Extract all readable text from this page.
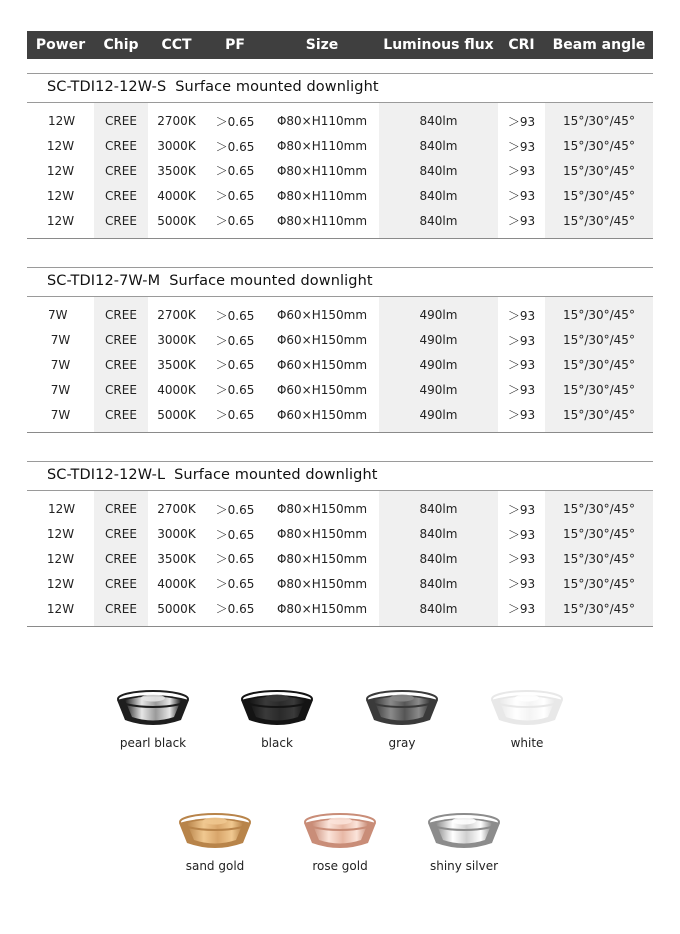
Power	Chip	CCT	PF	Size	Luminous flux	CRI	Beam angle
SC-TDI12-12W-S Surface mounted downlight
12W	CREE	2700K	＞0.65	Φ80×H110mm	840lm	＞93	15°/30°/45°
12W	CREE	3000K	＞0.65	Φ80×H110mm	840lm	＞93	15°/30°/45°
12W	CREE	3500K	＞0.65	Φ80×H110mm	840lm	＞93	15°/30°/45°
12W	CREE	4000K	＞0.65	Φ80×H110mm	840lm	＞93	15°/30°/45°
12W	CREE	5000K	＞0.65	Φ80×H110mm	840lm	＞93	15°/30°/45°
SC-TDI12-7W-M Surface mounted downlight
7W	CREE	2700K	＞0.65	Φ60×H150mm	490lm	＞93	15°/30°/45°
7W	CREE	3000K	＞0.65	Φ60×H150mm	490lm	＞93	15°/30°/45°
7W	CREE	3500K	＞0.65	Φ60×H150mm	490lm	＞93	15°/30°/45°
7W	CREE	4000K	＞0.65	Φ60×H150mm	490lm	＞93	15°/30°/45°
7W	CREE	5000K	＞0.65	Φ60×H150mm	490lm	＞93	15°/30°/45°
SC-TDI12-12W-L Surface mounted downlight
12W	CREE	2700K	＞0.65	Φ80×H150mm	840lm	＞93	15°/30°/45°
12W	CREE	3000K	＞0.65	Φ80×H150mm	840lm	＞93	15°/30°/45°
12W	CREE	3500K	＞0.65	Φ80×H150mm	840lm	＞93	15°/30°/45°
12W	CREE	4000K	＞0.65	Φ80×H150mm	840lm	＞93	15°/30°/45°
12W	CREE	5000K	＞0.65	Φ80×H150mm	840lm	＞93	15°/30°/45°
pearl black	black	gray	white
sand gold	rose gold	shiny silver
